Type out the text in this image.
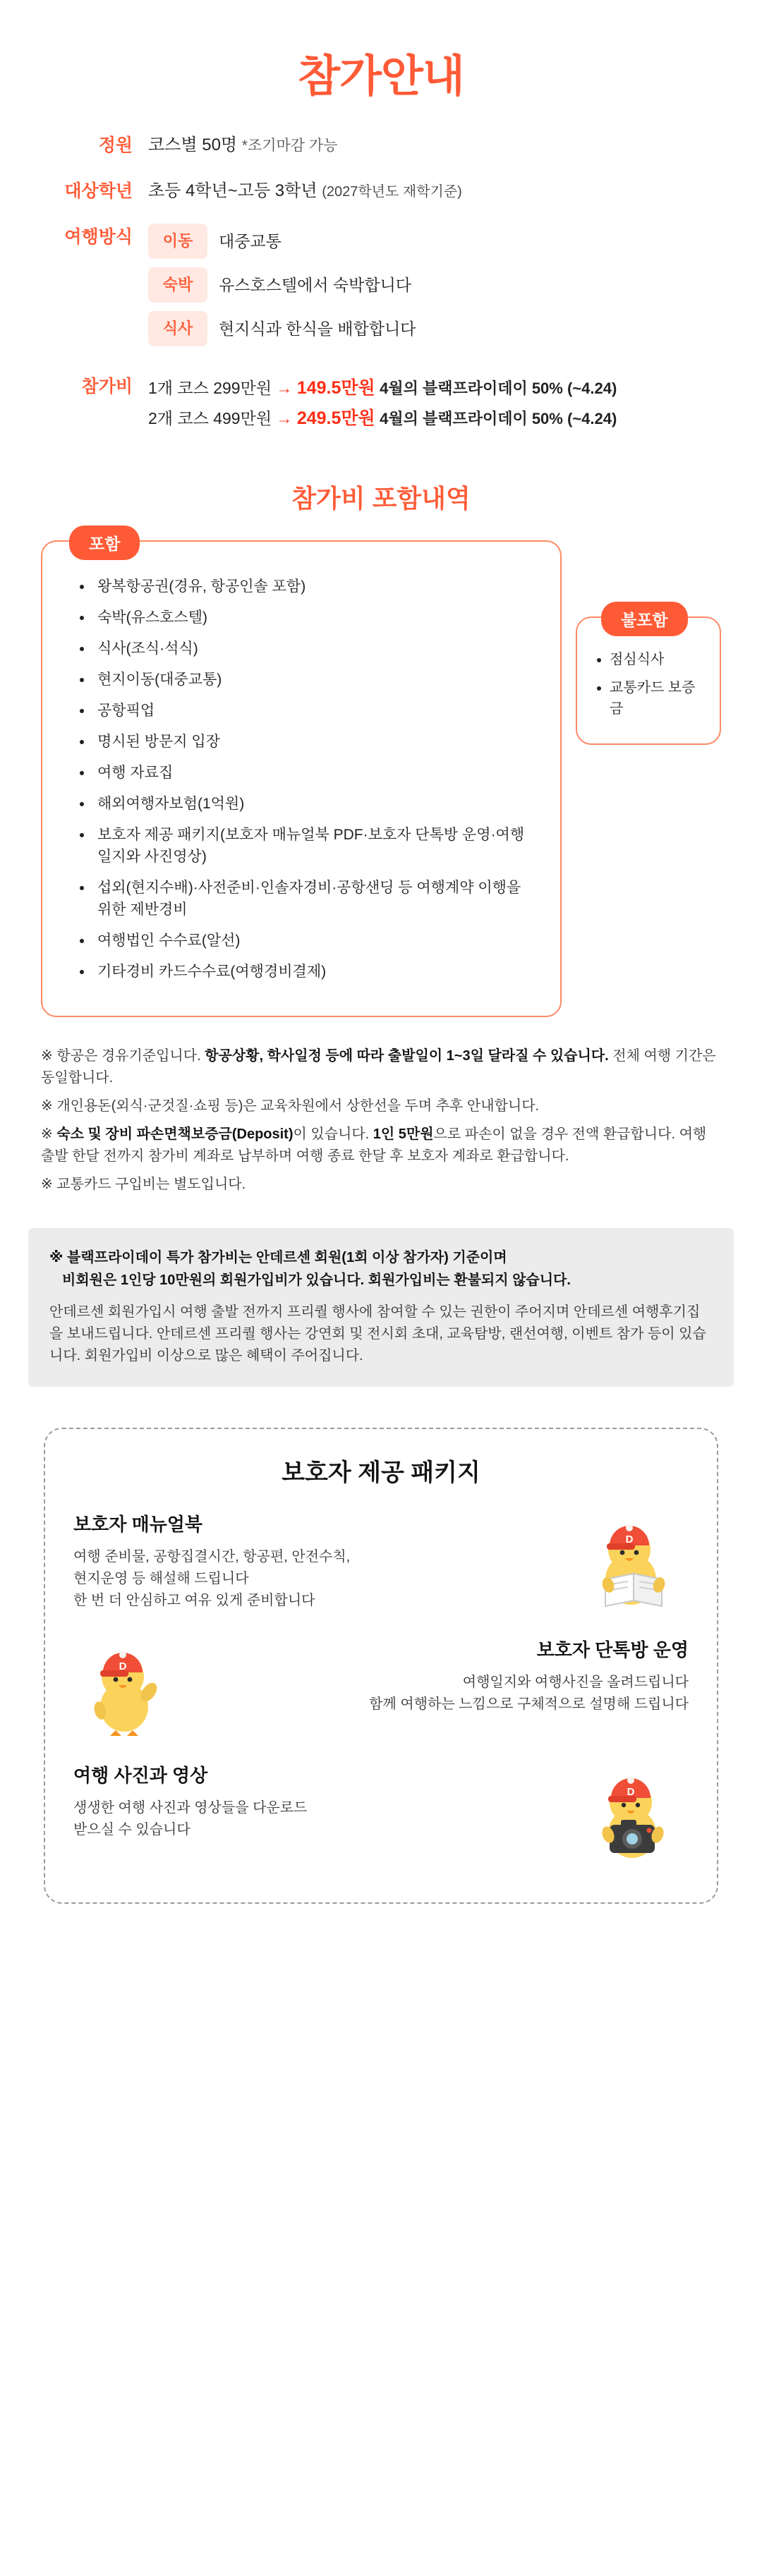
참가안내
정원 코스별 50명 *조기마감 가능
대상학년 초등 4학년~고등 3학년 (2027학년도 재학기준)
여행방식	이동	대중교통
숙박	유스호스텔에서 숙박합니다
식사	현지식과 한식을 배합합니다
참가비 1개 코스 299만원 → 149.5만원 4월의 블랙프라이데이 50% (~4.24)
2개 코스 499만원 → 249.5만원 4월의 블랙프라이데이 50% (~4.24)
참가비 포함내역
포함
• 왕복항공권(경유, 항공인솔 포함)
• 숙박(유스호스텔)
• 식사(조식·석식)
• 현지이동(대중교통)
• 공항픽업
• 명시된 방문지 입장
• 여행 자료집
• 해외여행자보험(1억원)
• 보호자 제공 패키지(보호자 매뉴얼북 PDF·보호자 단톡방 운영·여행일지와 사진영상)
• 섭외(현지수배)·사전준비·인솔자경비·공항샌딩 등 여행계약 이행을 위한 제반경비
• 여행법인 수수료(알선)
• 기타경비 카드수수료(여행경비결제)
불포함
• 점심식사
• 교통카드 보증금
※ 항공은 경유기준입니다. 항공상황, 학사일정 등에 따라 출발일이 1~3일 달라질 수 있습니다. 전체 여행 기간은 동일합니다.
※ 개인용돈(외식·군것질·쇼핑 등)은 교육차원에서 상한선을 두며 추후 안내합니다.
※ 숙소 및 장비 파손면책보증금(Deposit)이 있습니다. 1인 5만원으로 파손이 없을 경우 전액 환급합니다. 여행 출발 한달 전까지 참가비 계좌로 납부하며 여행 종료 한달 후 보호자 계좌로 환급합니다.
※ 교통카드 구입비는 별도입니다.
※ 블랙프라이데이 특가 참가비는 안데르센 회원(1회 이상 참가자) 기준이며
비회원은 1인당 10만원의 회원가입비가 있습니다. 회원가입비는 환불되지 않습니다.
안데르센 회원가입시 여행 출발 전까지 프리퀄 행사에 참여할 수 있는 권한이 주어지며 안데르센 여행후기집을 보내드립니다. 안데르센 프리퀄 행사는 강연회 및 전시회 초대, 교육탐방, 랜선여행, 이벤트 참가 등이 있습니다. 회원가입비 이상으로 많은 혜택이 주어집니다.
보호자 제공 패키지
보호자 매뉴얼북
여행 준비물, 공항집결시간, 항공편, 안전수칙,
현지운영 등 해설해 드립니다
한 번 더 안심하고 여유 있게 준비합니다
D
보호자 단톡방 운영
여행일지와 여행사진을 올려드립니다
함께 여행하는 느낌으로 구체적으로 설명해 드립니다
D
여행 사진과 영상
생생한 여행 사진과 영상들을 다운로드
받으실 수 있습니다
D
